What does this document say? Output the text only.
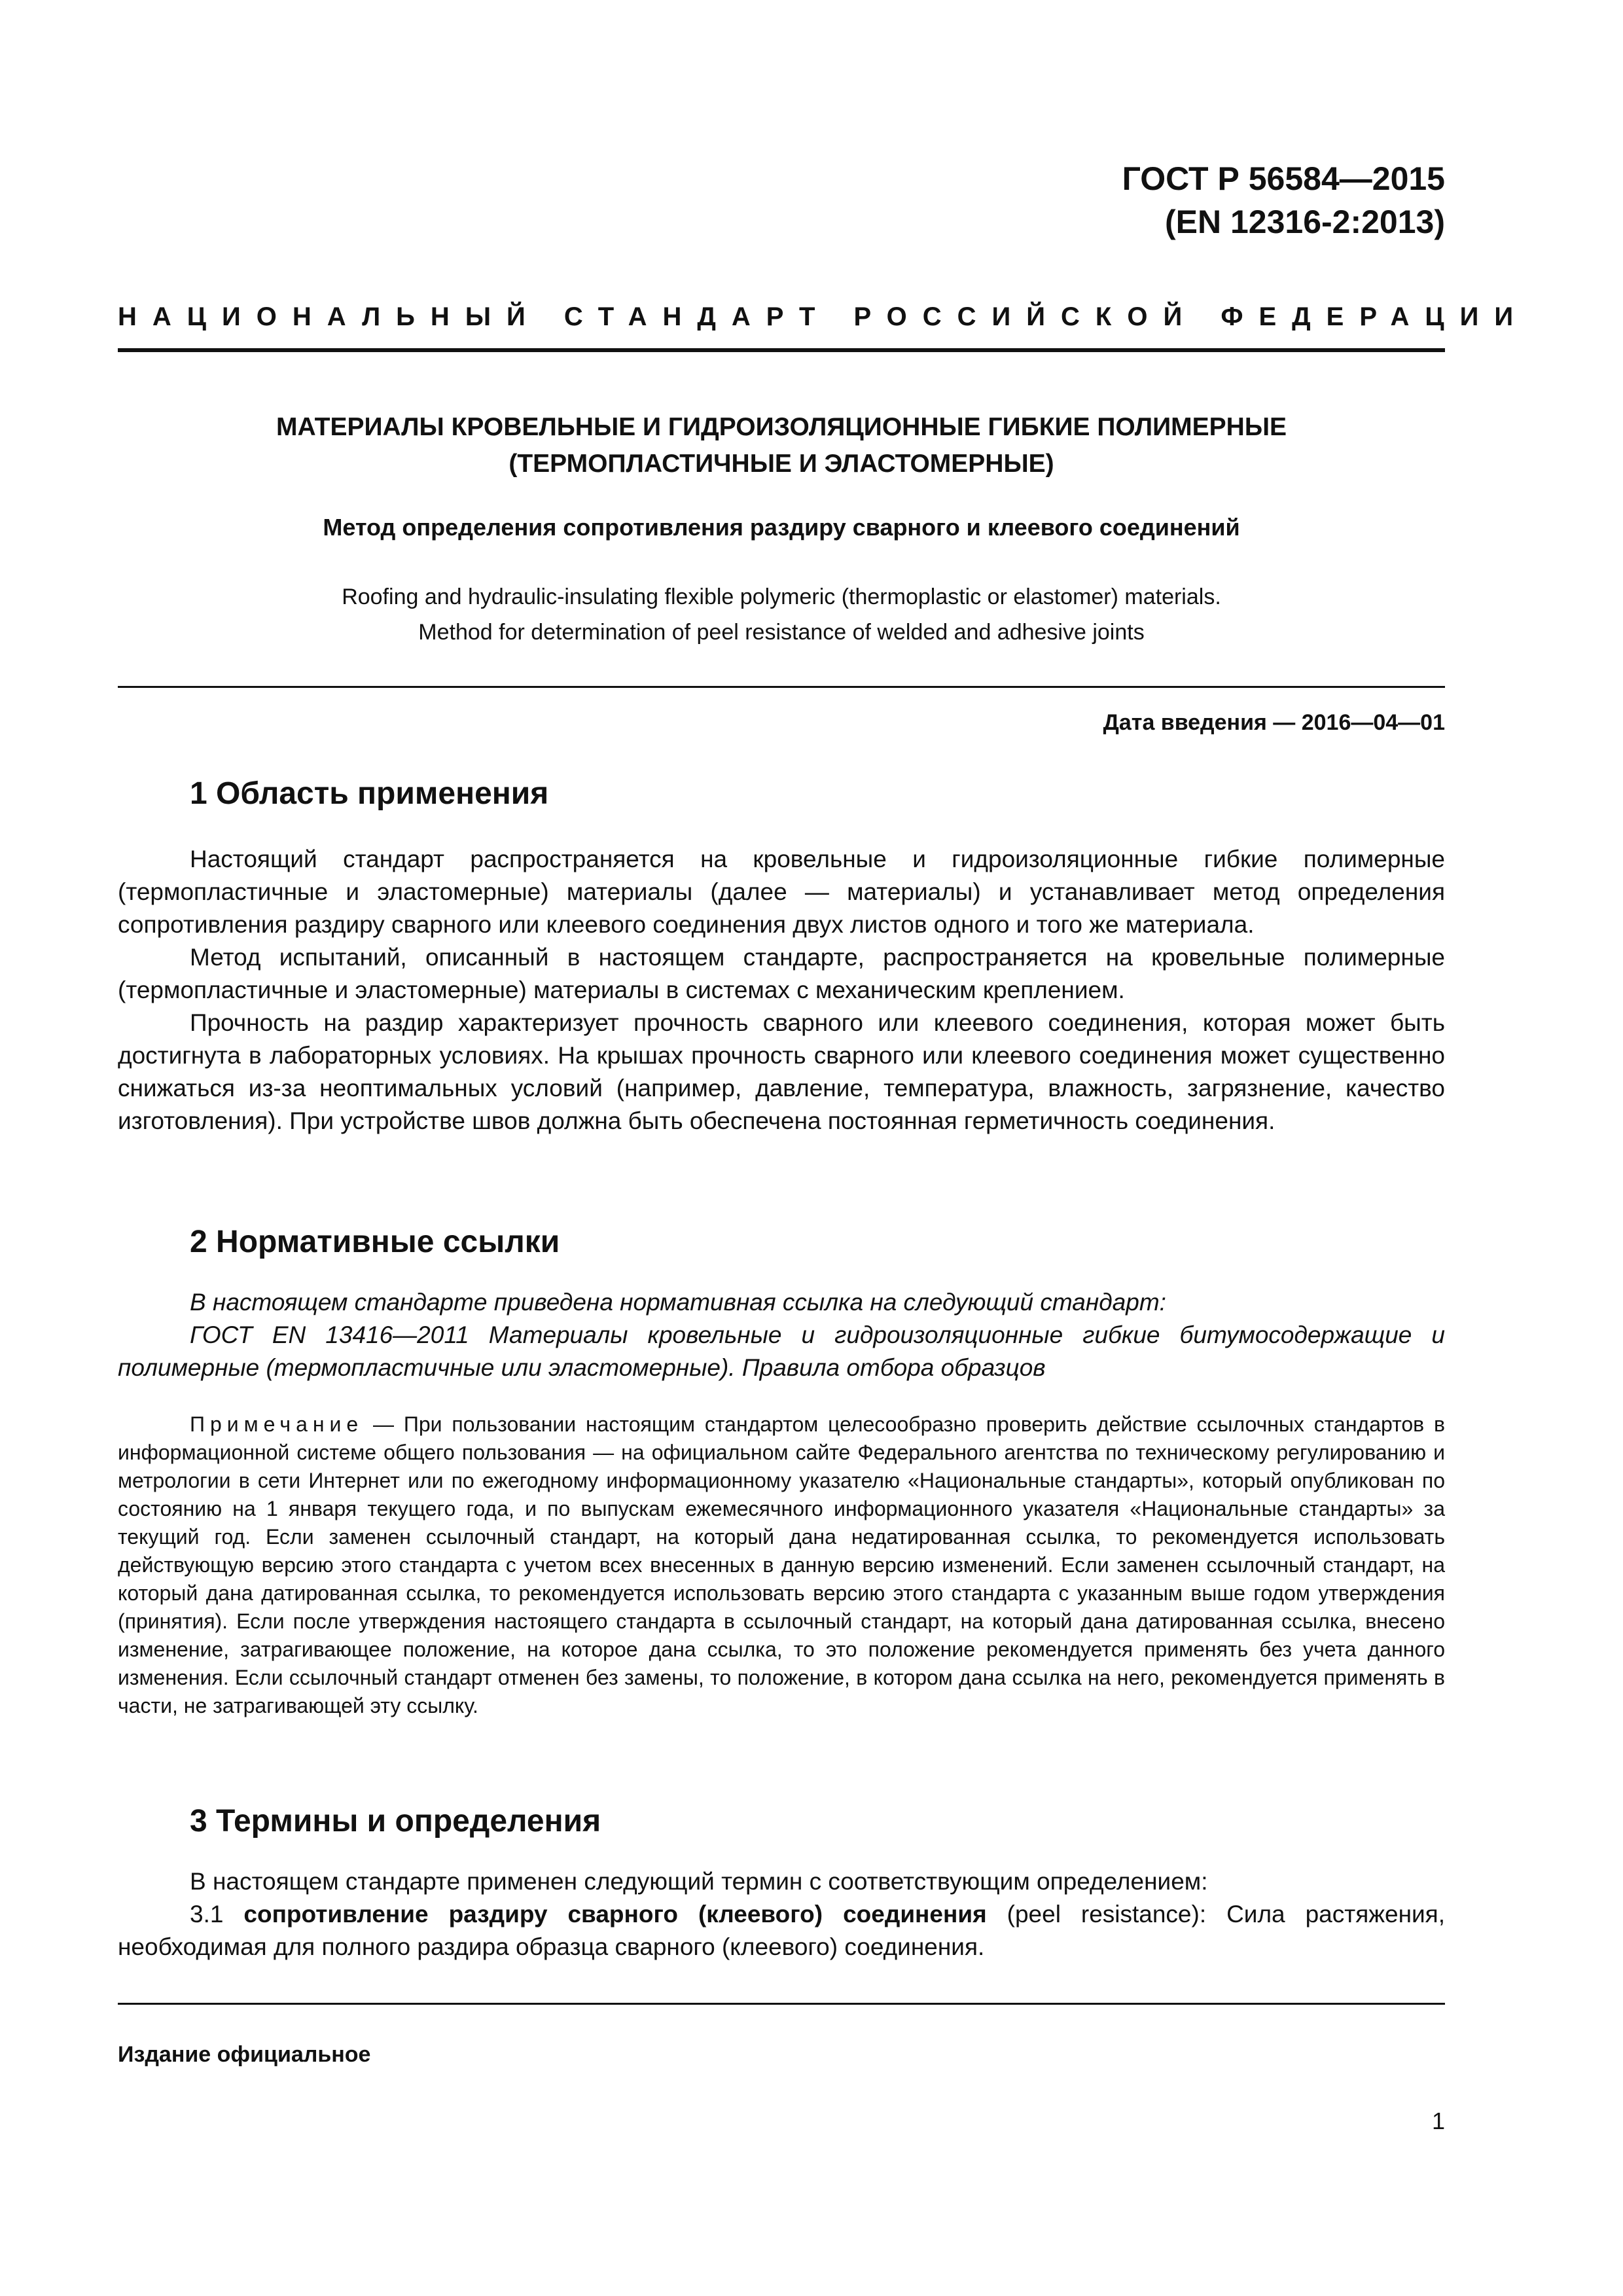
ГОСТ Р 56584—2015
(EN 12316-2:2013)
НАЦИОНАЛЬНЫЙ СТАНДАРТ РОССИЙСКОЙ ФЕДЕРАЦИИ
МАТЕРИАЛЫ КРОВЕЛЬНЫЕ И ГИДРОИЗОЛЯЦИОННЫЕ ГИБКИЕ ПОЛИМЕРНЫЕ
(ТЕРМОПЛАСТИЧНЫЕ И ЭЛАСТОМЕРНЫЕ)
Метод определения сопротивления раздиру сварного и клеевого соединений
Roofing and hydraulic-insulating flexible polymeric (thermoplastic or elastomer) materials.
Method for determination of peel resistance of welded and adhesive joints
Дата введения — 2016—04—01
1 Область применения

Настоящий стандарт распространяется на кровельные и гидроизоляционные гибкие полимерные (термопластичные и эластомерные) материалы (далее — материалы) и устанавливает метод определения сопротивления раздиру сварного или клеевого соединения двух листов одного и того же материала.

Метод испытаний, описанный в настоящем стандарте, распространяется на кровельные полимерные (термопластичные и эластомерные) материалы в системах с механическим креплением.

Прочность на раздир характеризует прочность сварного или клеевого соединения, которая может быть достигнута в лабораторных условиях. На крышах прочность сварного или клеевого соединения может существенно снижаться из-за неоптимальных условий (например, давление, температура, влажность, загрязнение, качество изготовления). При устройстве швов должна быть обеспечена постоянная герметичность соединения.

2 Нормативные ссылки

В настоящем стандарте приведена нормативная ссылка на следующий стандарт:

ГОСТ EN 13416—2011 Материалы кровельные и гидроизоляционные гибкие битумосодержащие и полимерные (термопластичные или эластомерные). Правила отбора образцов

Примечание — При пользовании настоящим стандартом целесообразно проверить действие ссылочных стандартов в информационной системе общего пользования — на официальном сайте Федерального агентства по техническому регулированию и метрологии в сети Интернет или по ежегодному информационному указателю «Национальные стандарты», который опубликован по состоянию на 1 января текущего года, и по выпускам ежемесячного информационного указателя «Национальные стандарты» за текущий год. Если заменен ссылочный стандарт, на который дана недатированная ссылка, то рекомендуется использовать действующую версию этого стандарта с учетом всех внесенных в данную версию изменений. Если заменен ссылочный стандарт, на который дана датированная ссылка, то рекомендуется использовать версию этого стандарта с указанным выше годом утверждения (принятия). Если после утверждения настоящего стандарта в ссылочный стандарт, на который дана датированная ссылка, внесено изменение, затрагивающее положение, на которое дана ссылка, то это положение рекомендуется применять без учета данного изменения. Если ссылочный стандарт отменен без замены, то положение, в котором дана ссылка на него, рекомендуется применять в части, не затрагивающей эту ссылку.

3 Термины и определения

В настоящем стандарте применен следующий термин с соответствующим определением:

3.1 сопротивление раздиру сварного (клеевого) соединения (peel resistance): Сила растяжения, необходимая для полного раздира образца сварного (клеевого) соединения.

Издание официальное
1
